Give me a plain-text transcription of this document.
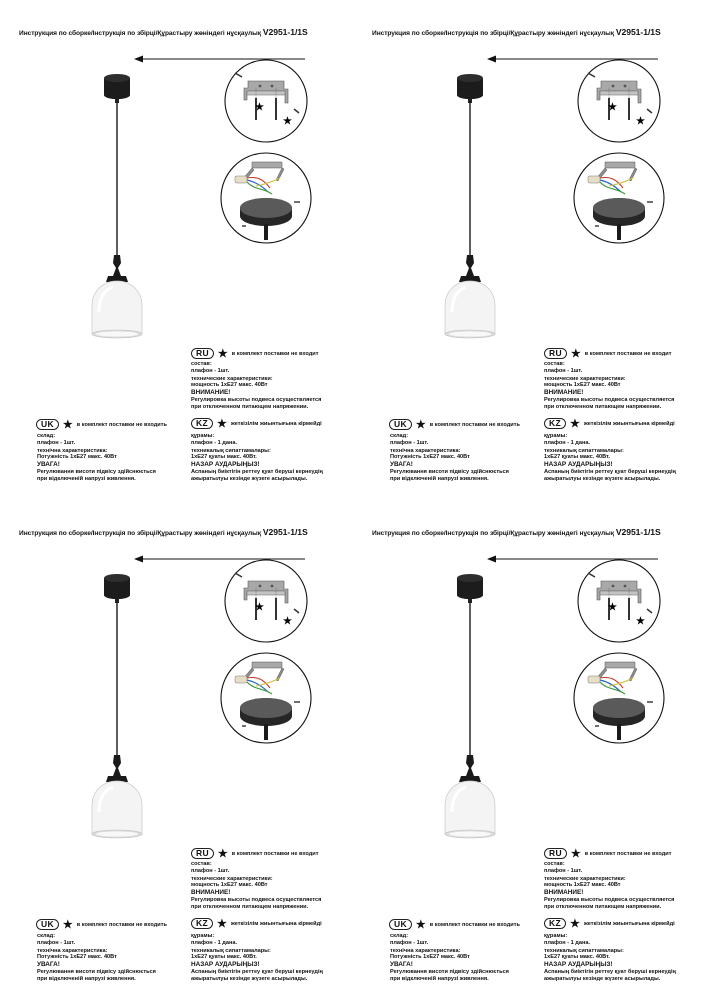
Инструкция по сборке/Інструкція по збірці/Құрастыру жөніндегі нұсқаулық V2951-1/1S
★
★
RU ★ в комплект поставки не входит
состав:
плафон - 1шт.
технические характеристики:
мощность 1хЕ27 макс. 40Вт
ВНИМАНИЕ!
Регулировка высоты подвеса осуществляется
при отключенном питающем напряжении.
UK ★ в комплект поставки не входить
склад:
плафон - 1шт.
технічна характеристика:
Потужність 1хЕ27 макс. 40Вт
УВАГА!
Регулювання висоти підвісу здійснюється
при відключеній напрузі живлення.
KZ ★ жеткізілім жиынтығына кірмейді
құрамы:
плафон - 1 дана.
техникалық сипаттамалары:
1хЕ27 қуаты макс. 40Вт.
НАЗАР АУДАРЫҢЫЗ!
Аспаның биіктігін реттеу қуат беруші кернеудің
ажыратылуы кезінде жүзеге асырылады.
Инструкция по сборке/Інструкція по збірці/Құрастыру жөніндегі нұсқаулық V2951-1/1S
★
★
RU ★ в комплект поставки не входит
состав:
плафон - 1шт.
технические характеристики:
мощность 1хЕ27 макс. 40Вт
ВНИМАНИЕ!
Регулировка высоты подвеса осуществляется
при отключенном питающем напряжении.
UK ★ в комплект поставки не входить
склад:
плафон - 1шт.
технічна характеристика:
Потужність 1хЕ27 макс. 40Вт
УВАГА!
Регулювання висоти підвісу здійснюється
при відключеній напрузі живлення.
KZ ★ жеткізілім жиынтығына кірмейді
құрамы:
плафон - 1 дана.
техникалық сипаттамалары:
1хЕ27 қуаты макс. 40Вт.
НАЗАР АУДАРЫҢЫЗ!
Аспаның биіктігін реттеу қуат беруші кернеудің
ажыратылуы кезінде жүзеге асырылады.
Инструкция по сборке/Інструкція по збірці/Құрастыру жөніндегі нұсқаулық V2951-1/1S
★
★
RU ★ в комплект поставки не входит
состав:
плафон - 1шт.
технические характеристики:
мощность 1хЕ27 макс. 40Вт
ВНИМАНИЕ!
Регулировка высоты подвеса осуществляется
при отключенном питающем напряжении.
UK ★ в комплект поставки не входить
склад:
плафон - 1шт.
технічна характеристика:
Потужність 1хЕ27 макс. 40Вт
УВАГА!
Регулювання висоти підвісу здійснюється
при відключеній напрузі живлення.
KZ ★ жеткізілім жиынтығына кірмейді
құрамы:
плафон - 1 дана.
техникалық сипаттамалары:
1хЕ27 қуаты макс. 40Вт.
НАЗАР АУДАРЫҢЫЗ!
Аспаның биіктігін реттеу қуат беруші кернеудің
ажыратылуы кезінде жүзеге асырылады.
Инструкция по сборке/Інструкція по збірці/Құрастыру жөніндегі нұсқаулық V2951-1/1S
★
★
RU ★ в комплект поставки не входит
состав:
плафон - 1шт.
технические характеристики:
мощность 1хЕ27 макс. 40Вт
ВНИМАНИЕ!
Регулировка высоты подвеса осуществляется
при отключенном питающем напряжении.
UK ★ в комплект поставки не входить
склад:
плафон - 1шт.
технічна характеристика:
Потужність 1хЕ27 макс. 40Вт
УВАГА!
Регулювання висоти підвісу здійснюється
при відключеній напрузі живлення.
KZ ★ жеткізілім жиынтығына кірмейді
құрамы:
плафон - 1 дана.
техникалық сипаттамалары:
1хЕ27 қуаты макс. 40Вт.
НАЗАР АУДАРЫҢЫЗ!
Аспаның биіктігін реттеу қуат беруші кернеудің
ажыратылуы кезінде жүзеге асырылады.
